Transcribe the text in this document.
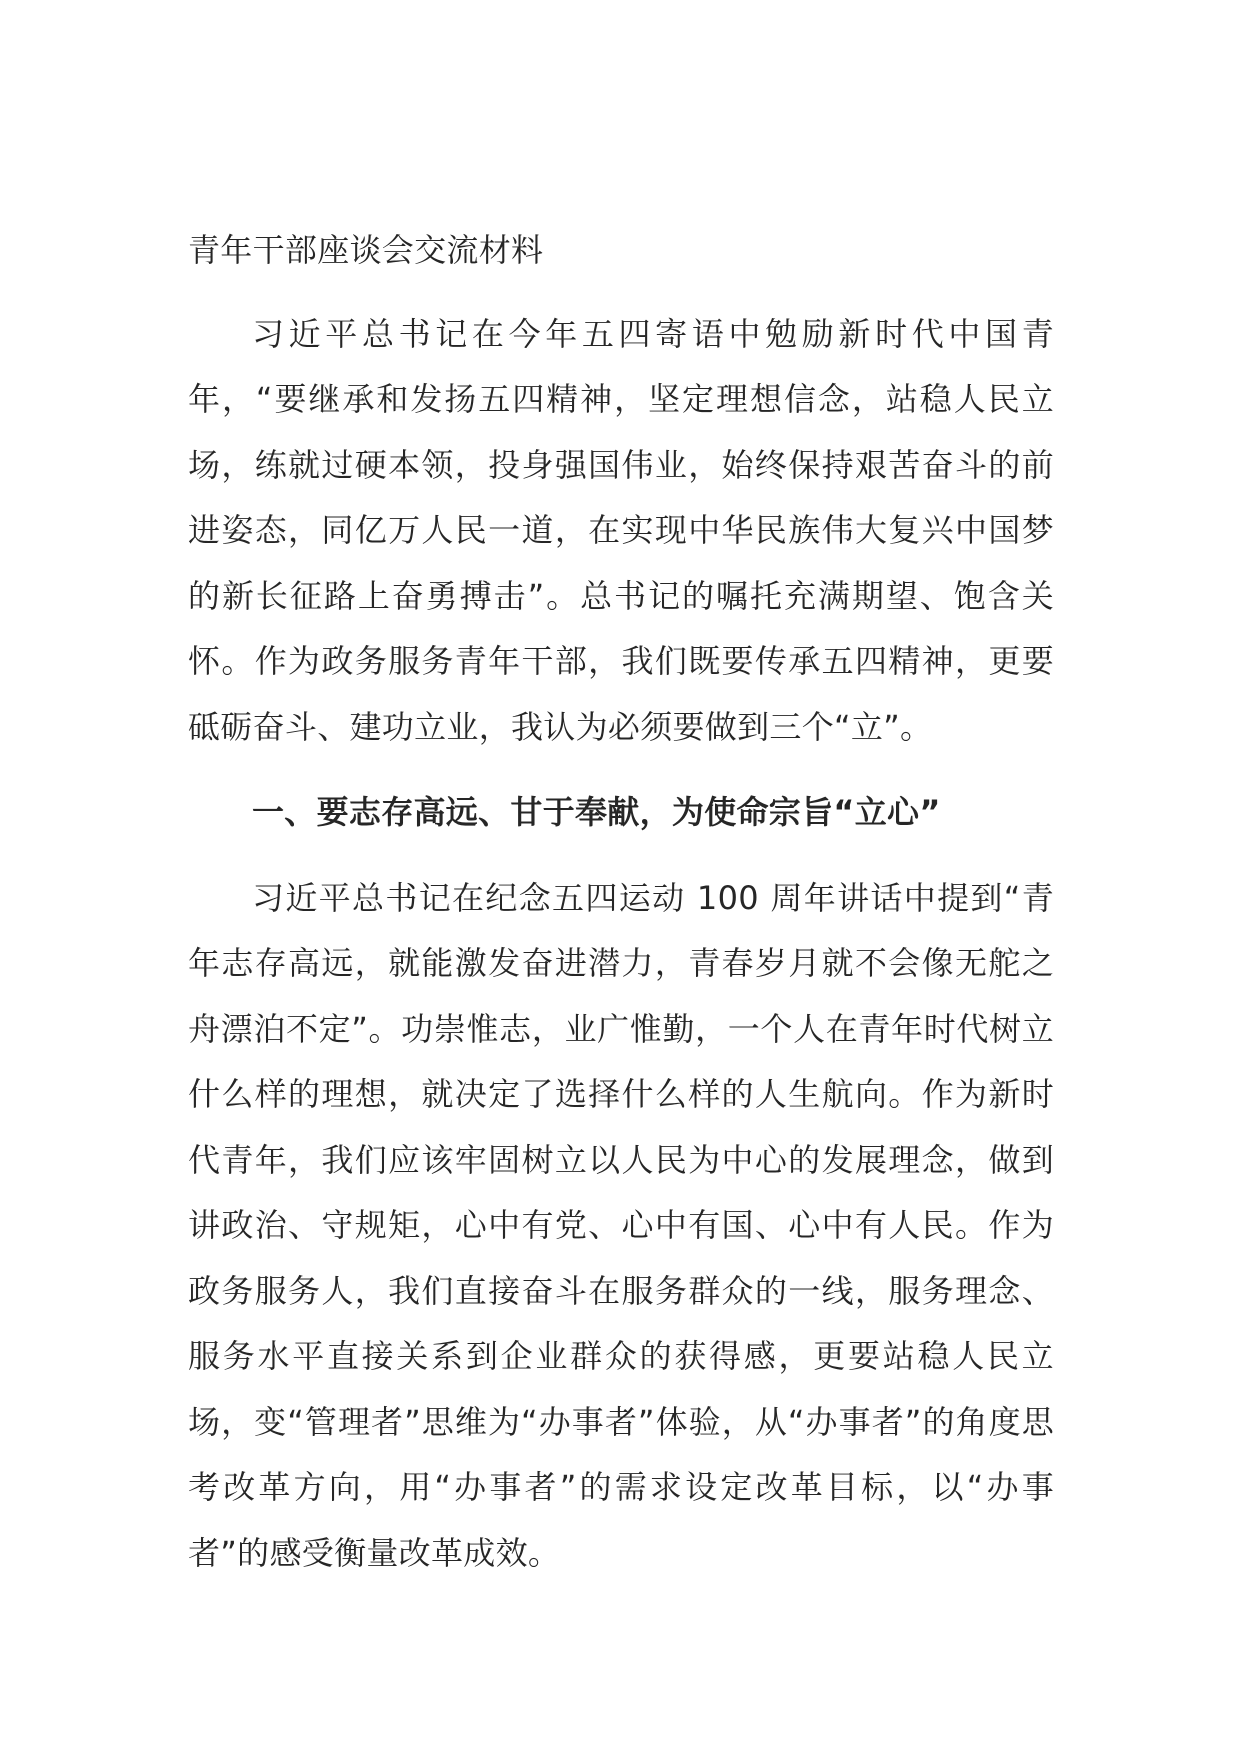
青年干部座谈会交流材料

习近平总书记在今年五四寄语中勉励新时代中国青年，“要继承和发扬五四精神，坚定理想信念，站稳人民立场，练就过硬本领，投身强国伟业，始终保持艰苦奋斗的前进姿态，同亿万人民一道，在实现中华民族伟大复兴中国梦的新长征路上奋勇搏击”。总书记的嘱托充满期望、饱含关怀。作为政务服务青年干部，我们既要传承五四精神，更要砥砺奋斗、建功立业，我认为必须要做到三个“立”。

一、要志存高远、甘于奉献，为使命宗旨“立心”

习近平总书记在纪念五四运动 100 周年讲话中提到“青年志存高远，就能激发奋进潜力，青春岁月就不会像无舵之舟漂泊不定”。功崇惟志，业广惟勤，一个人在青年时代树立什么样的理想，就决定了选择什么样的人生航向。作为新时代青年，我们应该牢固树立以人民为中心的发展理念，做到讲政治、守规矩，心中有党、心中有国、心中有人民。作为政务服务人，我们直接奋斗在服务群众的一线，服务理念、服务水平直接关系到企业群众的获得感，更要站稳人民立场，变“管理者”思维为“办事者”体验，从“办事者”的角度思考改革方向，用“办事者”的需求设定改革目标，以“办事者”的感受衡量改革成效。
